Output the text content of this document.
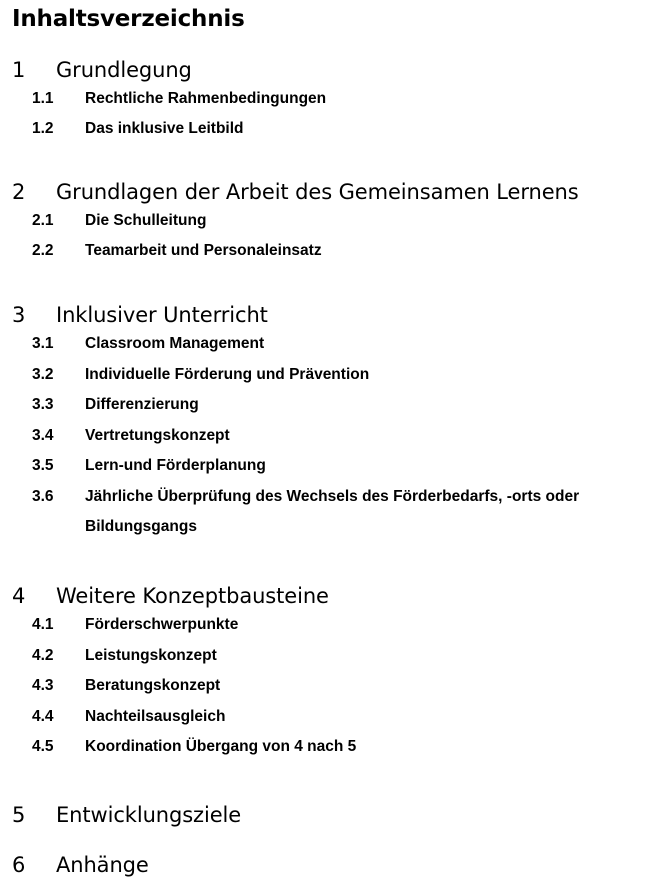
Inhaltsverzeichnis
1 Grundlegung
1.1 Rechtliche Rahmenbedingungen
1.2 Das inklusive Leitbild
2 Grundlagen der Arbeit des Gemeinsamen Lernens
2.1 Die Schulleitung
2.2 Teamarbeit und Personaleinsatz
3 Inklusiver Unterricht
3.1 Classroom Management
3.2 Individuelle Förderung und Prävention
3.3 Differenzierung
3.4 Vertretungskonzept
3.5 Lern-und Förderplanung
3.6 Jährliche Überprüfung des Wechsels des Förderbedarfs, -orts oder
Bildungsgangs
4 Weitere Konzeptbausteine
4.1 Förderschwerpunkte
4.2 Leistungskonzept
4.3 Beratungskonzept
4.4 Nachteilsausgleich
4.5 Koordination Übergang von 4 nach 5
5 Entwicklungsziele
6 Anhänge
